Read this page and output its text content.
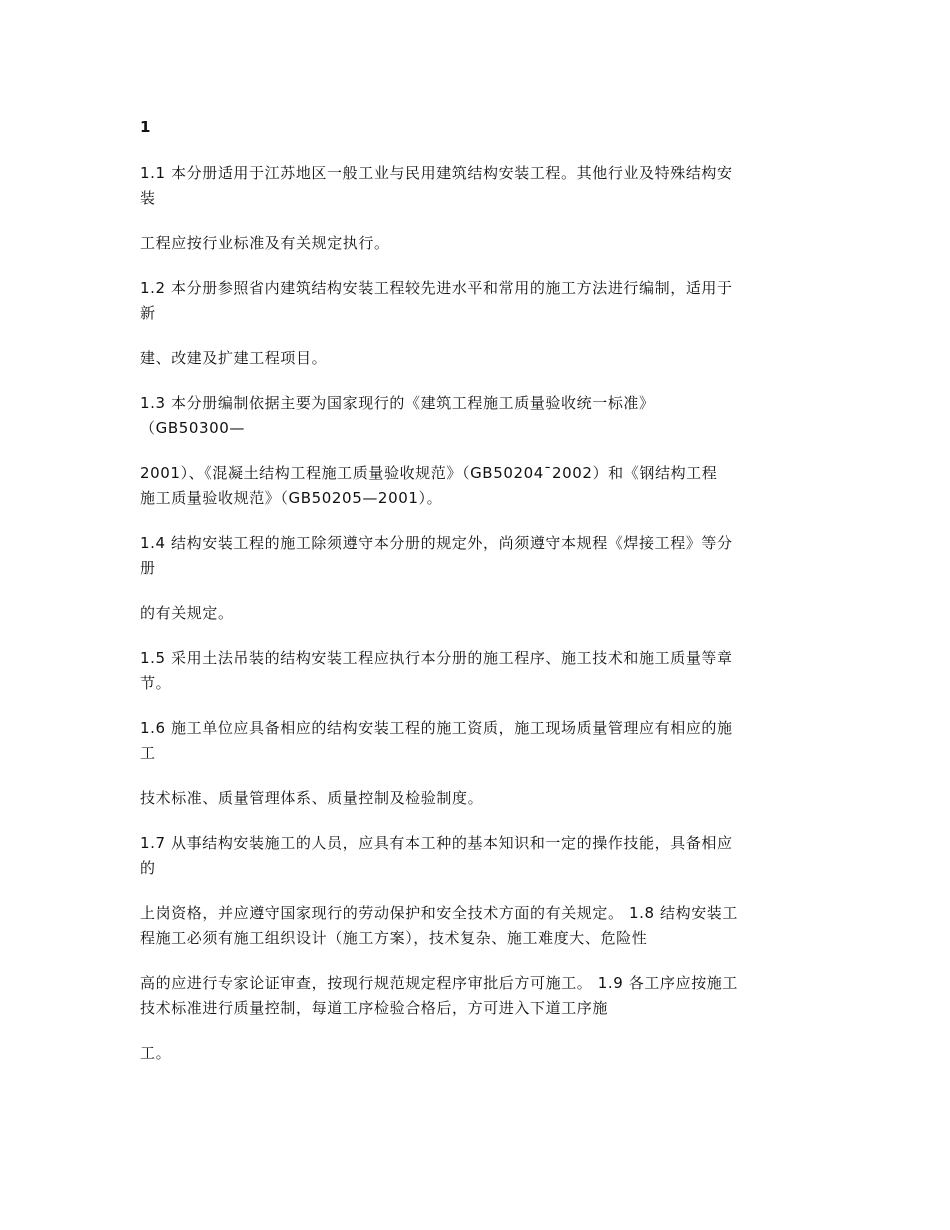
1
1.1 本分册适用于江苏地区一般工业与民用建筑结构安装工程。其他行业及特殊结构安
装
工程应按行业标准及有关规定执行。
1.2 本分册参照省内建筑结构安装工程较先进水平和常用的施工方法进行编制，适用于
新
建、改建及扩建工程项目。
1.3 本分册编制依据主要为国家现行的《建筑工程施工质量验收统一标准》
（GB50300—
2001）、《混凝土结构工程施工质量验收规范》（GB50204¯2002）和《钢结构工程
施工质量验收规范》（GB50205—2001）。
1.4 结构安装工程的施工除须遵守本分册的规定外，尚须遵守本规程《焊接工程》等分
册
的有关规定。
1.5 采用土法吊装的结构安装工程应执行本分册的施工程序、施工技术和施工质量等章
节。
1.6 施工单位应具备相应的结构安装工程的施工资质，施工现场质量管理应有相应的施
工
技术标准、质量管理体系、质量控制及检验制度。
1.7 从事结构安装施工的人员，应具有本工种的基本知识和一定的操作技能，具备相应
的
上岗资格，并应遵守国家现行的劳动保护和安全技术方面的有关规定。 1.8 结构安装工
程施工必须有施工组织设计（施工方案），技术复杂、施工难度大、危险性
高的应进行专家论证审查，按现行规范规定程序审批后方可施工。 1.9 各工序应按施工
技术标准进行质量控制，每道工序检验合格后，方可进入下道工序施
工。
